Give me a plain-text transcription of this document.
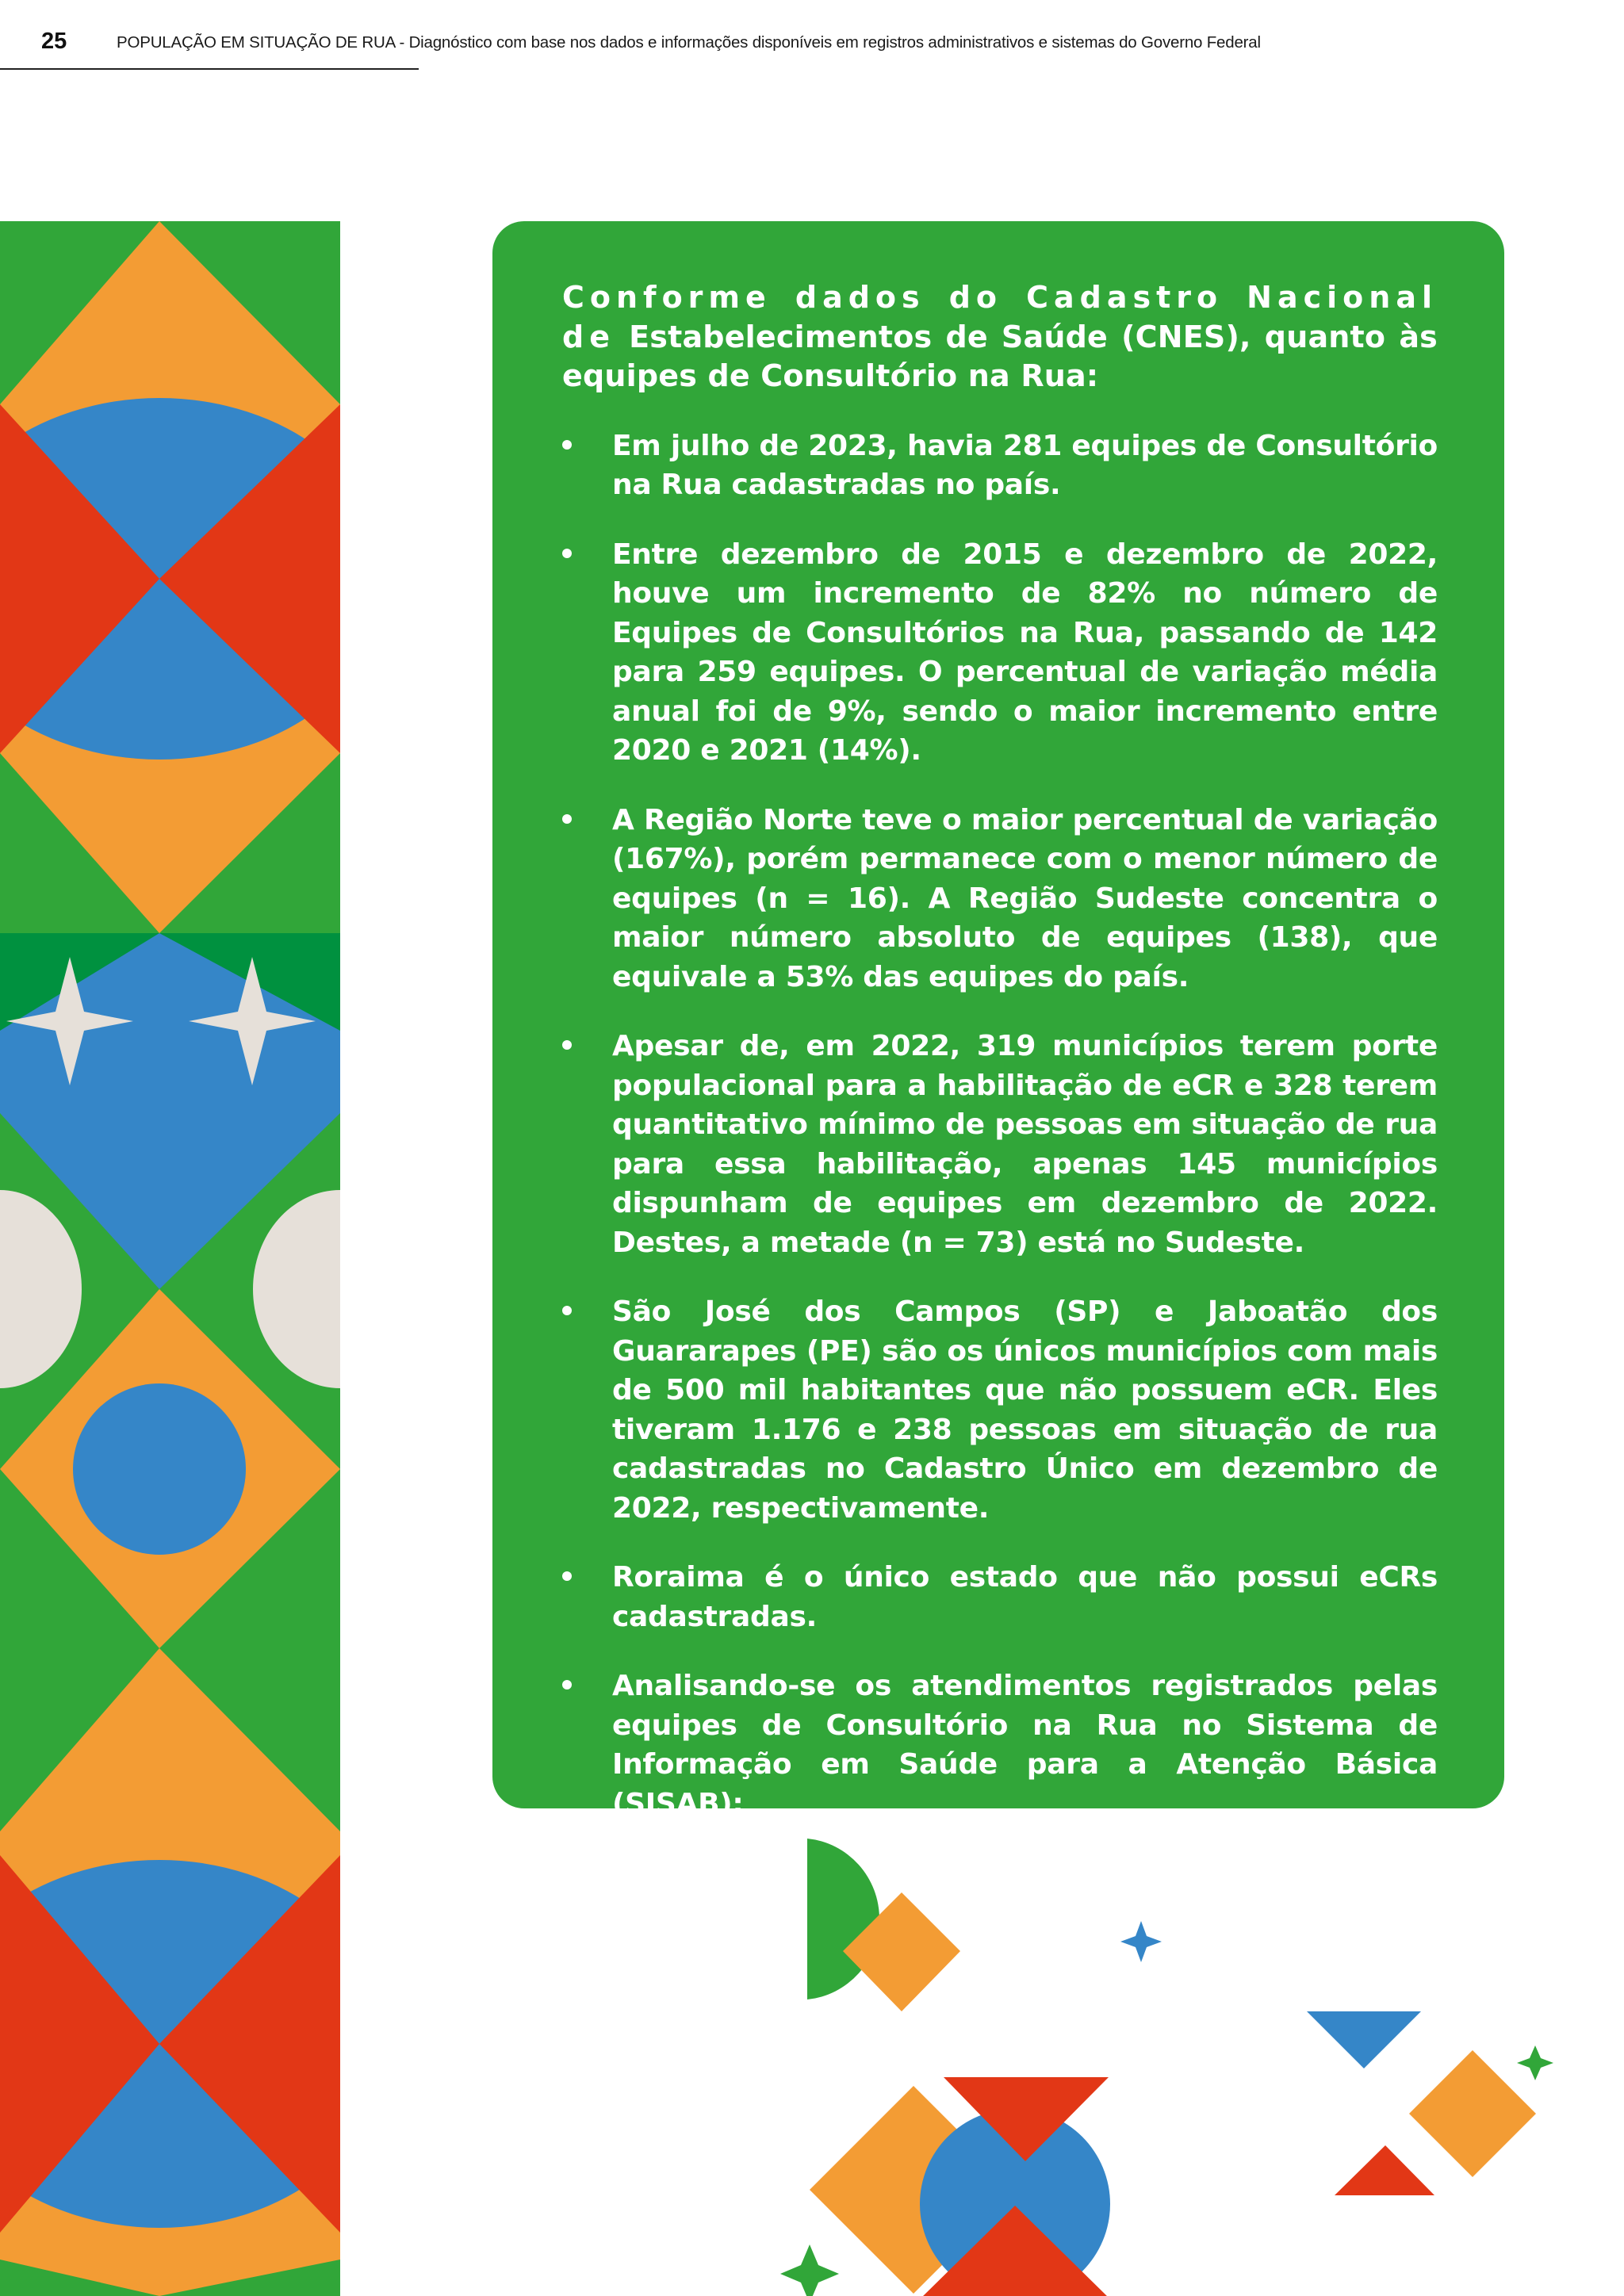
25	POPULAÇÃO EM SITUAÇÃO DE RUA - Diagnóstico com base nos dados e informações disponíveis em registros administrativos e sistemas do Governo Federal

Conforme dados do Cadastro Nacional de Estabelecimentos de Saúde (CNES), quanto às equipes de Consultório na Rua:

Em julho de 2023, havia 281 equipes de Consultório na Rua cadastradas no país.
Entre dezembro de 2015 e dezembro de 2022, houve um incremento de 82% no número de Equipes de Consultórios na Rua, passando de 142 para 259 equipes. O percentual de variação média anual foi de 9%, sendo o maior incremento entre 2020 e 2021 (14%).
A Região Norte teve o maior percentual de variação (167%), porém permanece com o menor número de equipes (n = 16). A Região Sudeste concentra o maior número absoluto de equipes (138), que equivale a 53% das equipes do país.
Apesar de, em 2022, 319 municípios terem porte populacional para a habilitação de eCR e 328 terem quantitativo mínimo de pessoas em situação de rua para essa habilitação, apenas 145 municípios dispunham de equipes em dezembro de 2022. Destes, a metade (n = 73) está no Sudeste.
São José dos Campos (SP) e Jaboatão dos Guararapes (PE) são os únicos municípios com mais de 500 mil habitantes que não possuem eCR. Eles tiveram 1.176 e 238 pessoas em situação de rua cadastradas no Cadastro Único em dezembro de 2022, respectivamente.
Roraima é o único estado que não possui eCRs cadastradas.
Analisando-se os atendimentos registrados pelas equipes de Consultório na Rua no Sistema de Informação em Saúde para a Atenção Básica (SISAB):
